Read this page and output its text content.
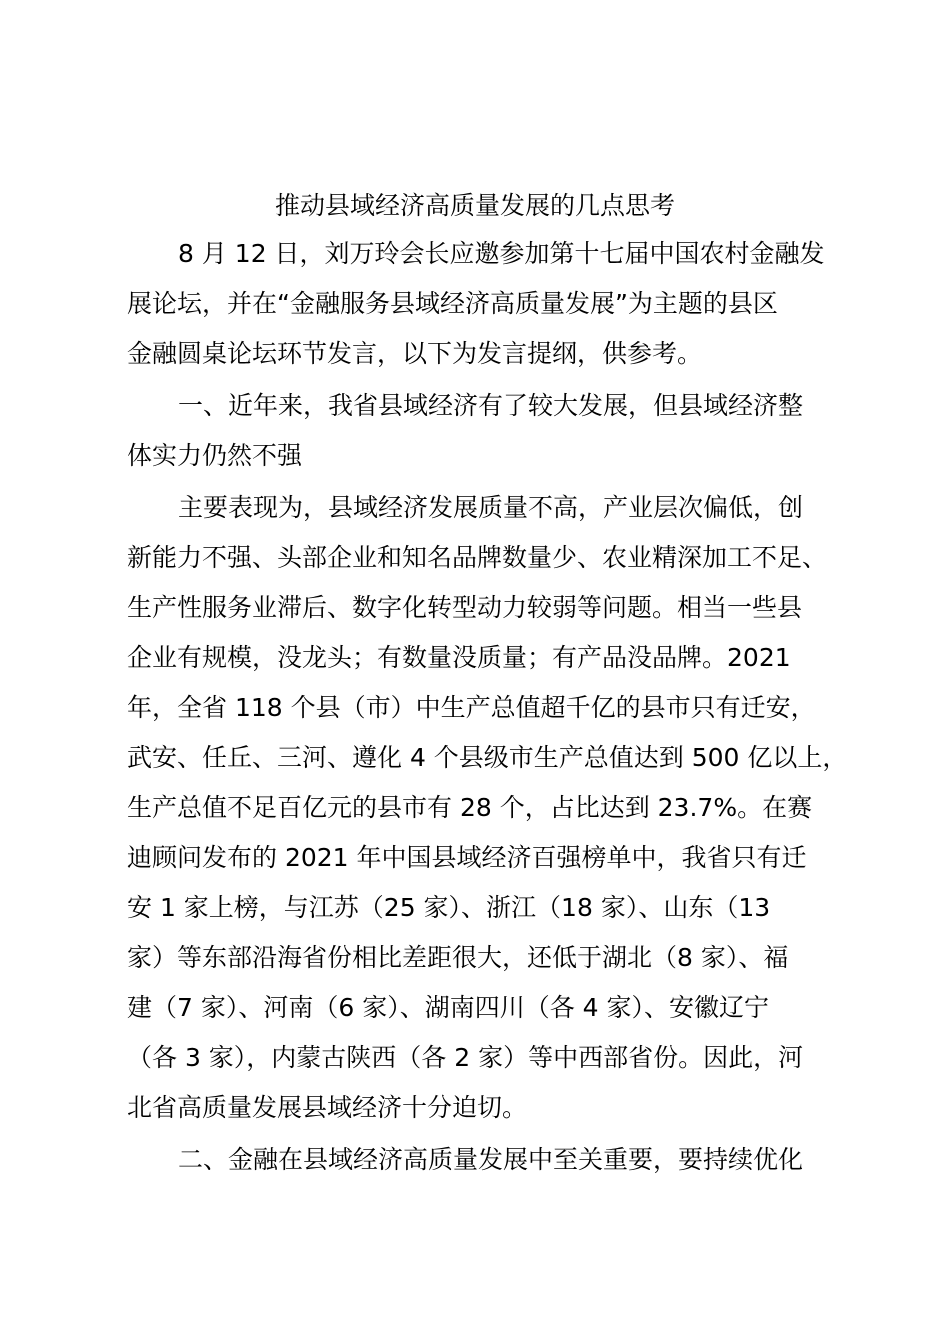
推动县域经济高质量发展的几点思考

8 月 12 日，刘万玲会长应邀参加第十七届中国农村金融发
展论坛，并在“金融服务县域经济高质量发展”为主题的县区
金融圆桌论坛环节发言，以下为发言提纲，供参考。

一、近年来，我省县域经济有了较大发展，但县域经济整
体实力仍然不强

主要表现为，县域经济发展质量不高，产业层次偏低，创
新能力不强、头部企业和知名品牌数量少、农业精深加工不足、
生产性服务业滞后、数字化转型动力较弱等问题。相当一些县
企业有规模，没龙头；有数量没质量；有产品没品牌。2021
年，全省 118 个县（市）中生产总值超千亿的县市只有迁安，
武安、任丘、三河、遵化 4 个县级市生产总值达到 500 亿以上，
生产总值不足百亿元的县市有 28 个，占比达到 23.7%。在赛
迪顾问发布的 2021 年中国县域经济百强榜单中，我省只有迁
安 1 家上榜，与江苏（25 家）、浙江（18 家）、山东（13
家）等东部沿海省份相比差距很大，还低于湖北（8 家）、福
建（7 家）、河南（6 家）、湖南四川（各 4 家）、安徽辽宁
（各 3 家），内蒙古陕西（各 2 家）等中西部省份。因此，河
北省高质量发展县域经济十分迫切。

二、金融在县域经济高质量发展中至关重要，要持续优化
